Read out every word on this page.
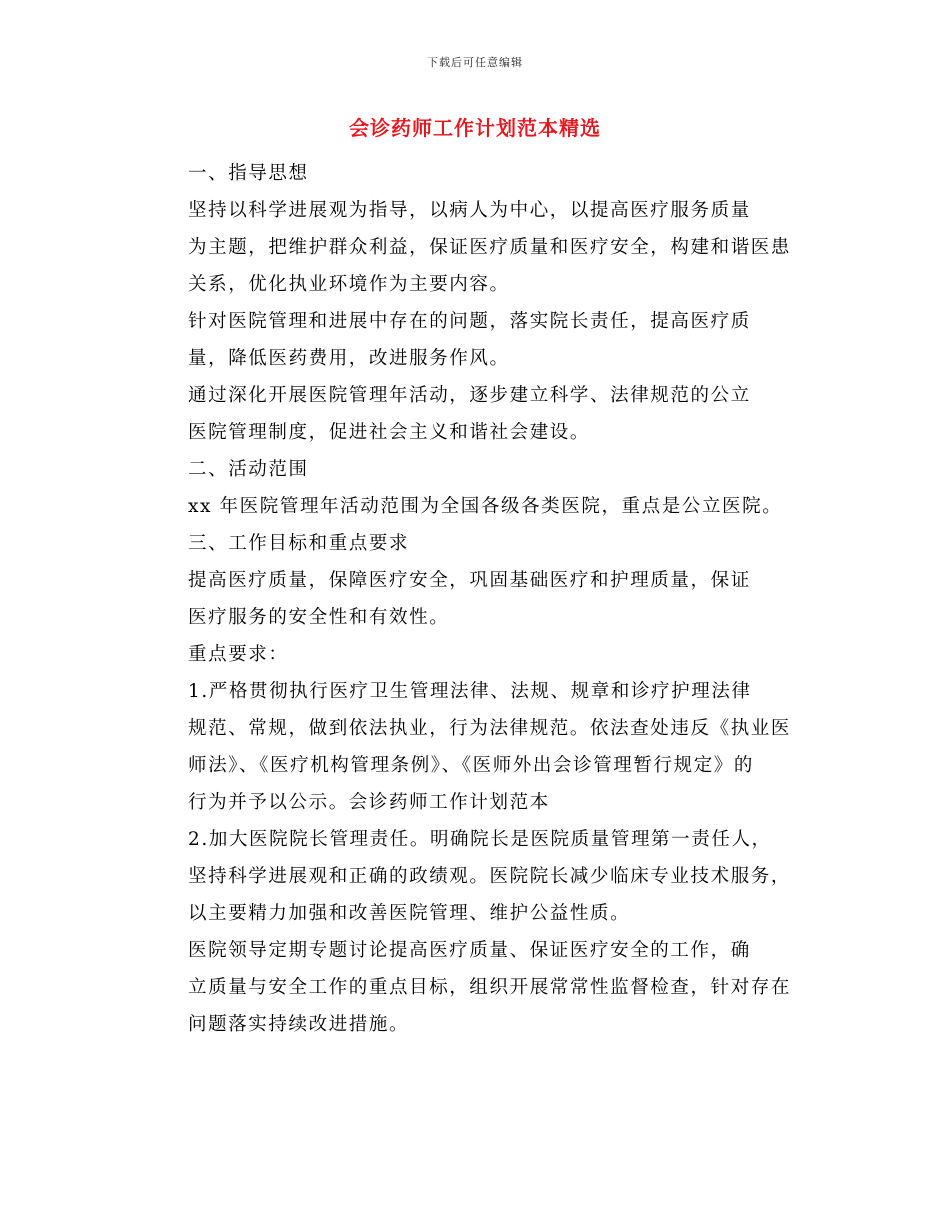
下载后可任意编辑
会诊药师工作计划范本精选

一、指导思想

坚持以科学进展观为指导，以病人为中心，以提高医疗服务质量
为主题，把维护群众利益，保证医疗质量和医疗安全，构建和谐医患
关系，优化执业环境作为主要内容。

针对医院管理和进展中存在的问题，落实院长责任，提高医疗质
量，降低医药费用，改进服务作风。

通过深化开展医院管理年活动，逐步建立科学、法律规范的公立
医院管理制度，促进社会主义和谐社会建设。

二、活动范围

xx 年医院管理年活动范围为全国各级各类医院，重点是公立医院。

三、工作目标和重点要求

提高医疗质量，保障医疗安全，巩固基础医疗和护理质量，保证
医疗服务的安全性和有效性。

重点要求：

1.严格贯彻执行医疗卫生管理法律、法规、规章和诊疗护理法律
规范、常规，做到依法执业，行为法律规范。依法查处违反《执业医
师法》、《医疗机构管理条例》、《医师外出会诊管理暂行规定》的
行为并予以公示。会诊药师工作计划范本

2.加大医院院长管理责任。明确院长是医院质量管理第一责任人，
坚持科学进展观和正确的政绩观。医院院长减少临床专业技术服务，
以主要精力加强和改善医院管理、维护公益性质。

医院领导定期专题讨论提高医疗质量、保证医疗安全的工作，确
立质量与安全工作的重点目标，组织开展常常性监督检查，针对存在
问题落实持续改进措施。
